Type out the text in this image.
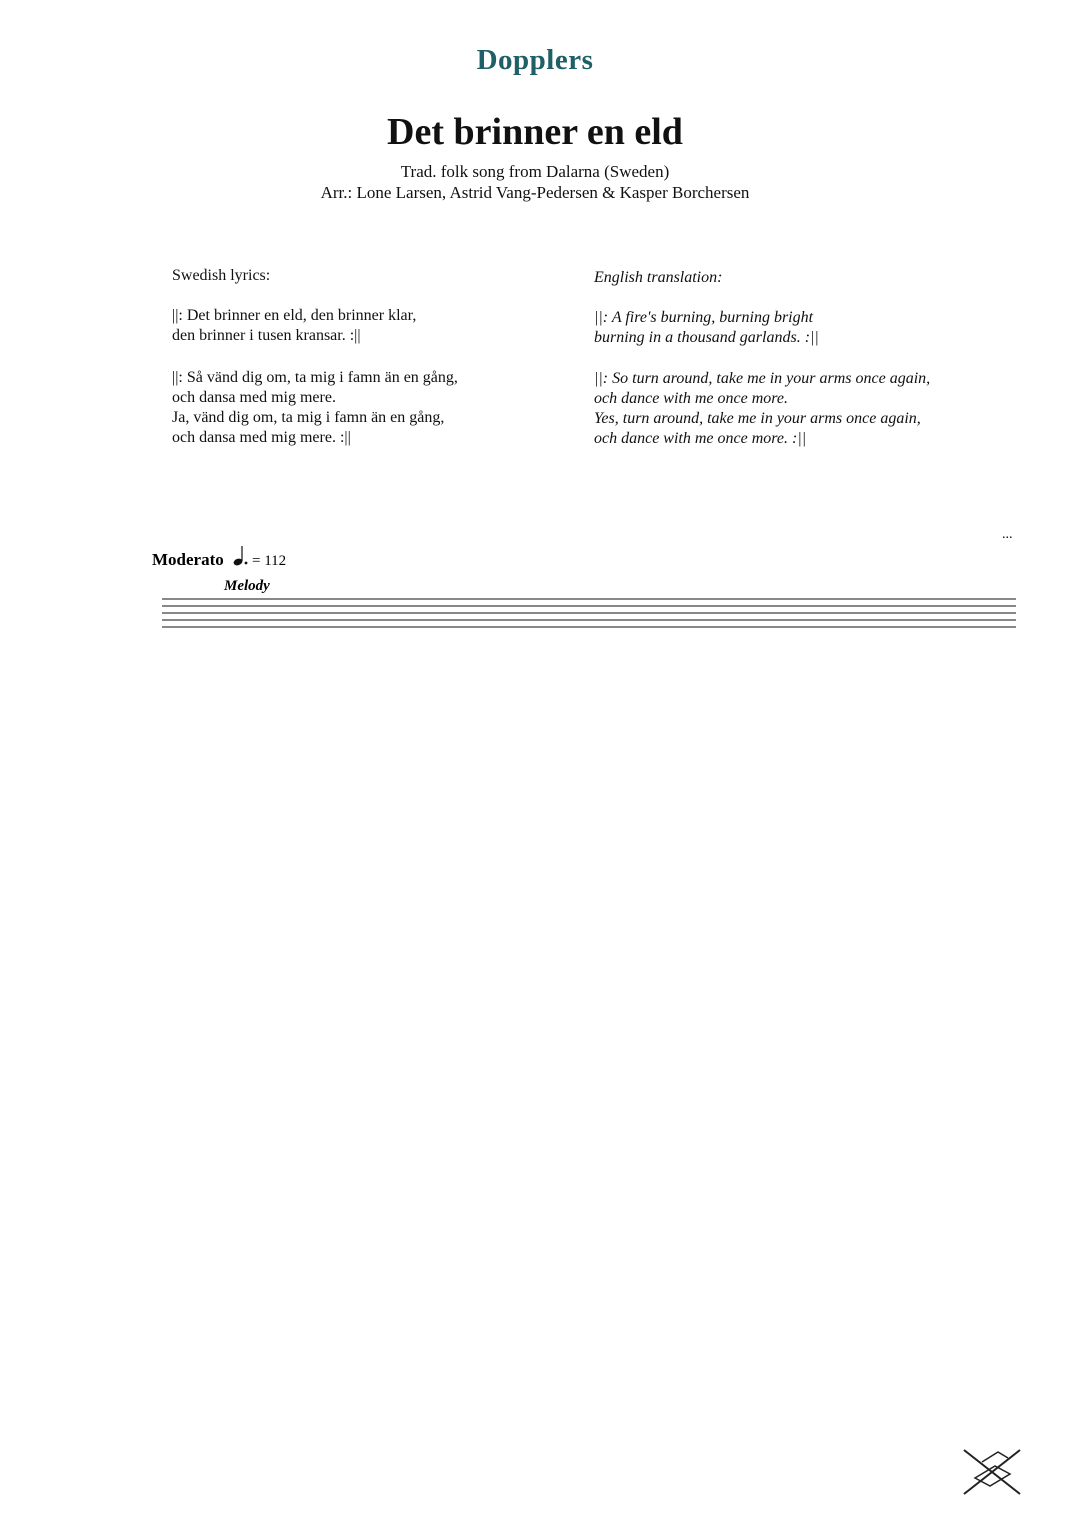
Dopplers
Det brinner en eld
Trad. folk song from Dalarna (Sweden)
Arr.: Lone Larsen, Astrid Vang-Pedersen & Kasper Borchersen
Swedish lyrics:
||: Det brinner en eld, den brinner klar,
den brinner i tusen kransar. :||
||: Så vänd dig om, ta mig i famn än en gång,
och dansa med mig mere.
Ja, vänd dig om, ta mig i famn än en gång,
och dansa med mig mere. :||
English translation:
||: A fire's burning, burning bright
burning in a thousand garlands. :||
||: So turn around, take me in your arms once again,
och dance with me once more.
Yes, turn around, take me in your arms once again,
och dance with me once more. :||
...
Moderato = 112
Melody
